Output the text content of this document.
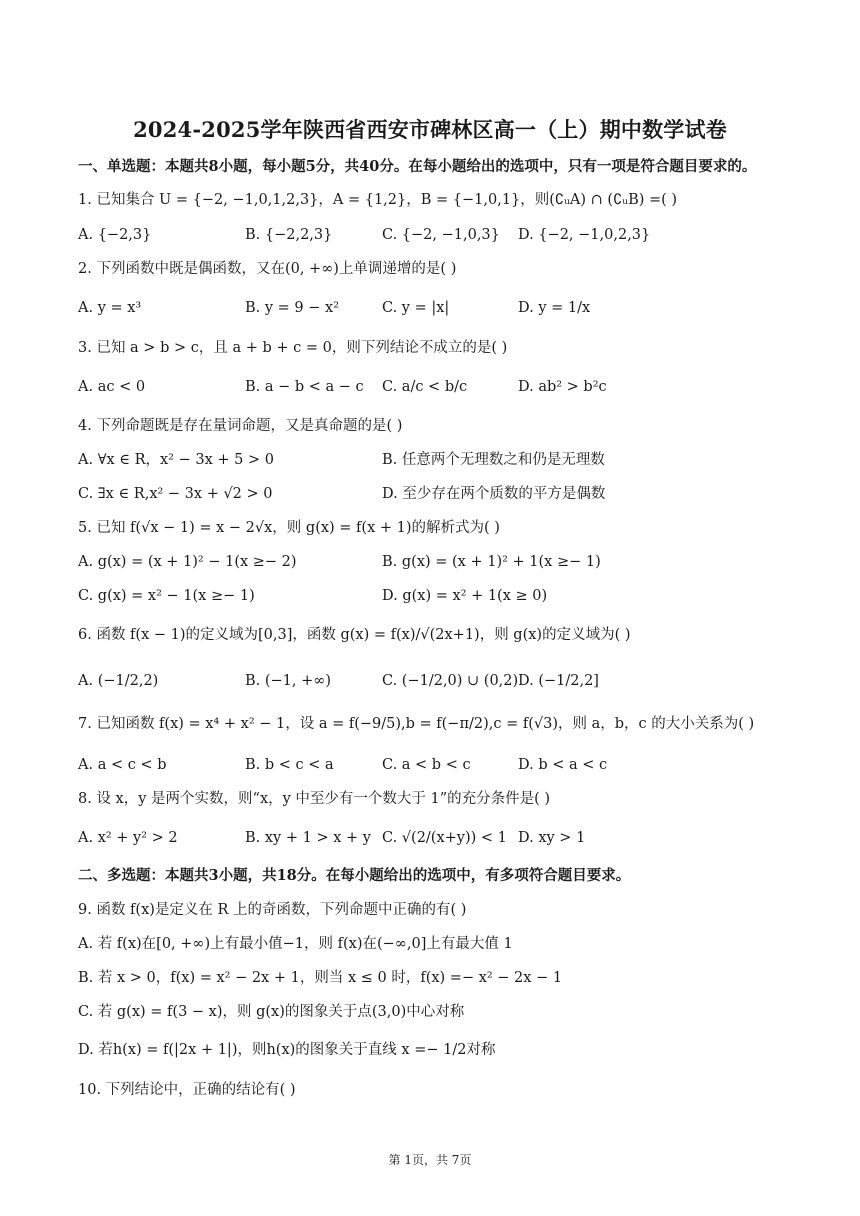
2024-2025学年陕西省西安市碑林区高一（上）期中数学试卷
一、单选题：本题共8小题，每小题5分，共40分。在每小题给出的选项中，只有一项是符合题目要求的。
1. 已知集合 U = {−2, −1,0,1,2,3}，A = {1,2}，B = {−1,0,1}，则(∁ᵤA) ∩ (∁ᵤB) =( )
A. {−2,3}	B. {−2,2,3}	C. {−2, −1,0,3} D. {−2, −1,0,2,3}
2. 下列函数中既是偶函数，又在(0, +∞)上单调递增的是( )
A. y = x³	B. y = 9 − x²	C. y = |x|	D. y = 1/x
3. 已知 a > b > c，且 a + b + c = 0，则下列结论不成立的是( )
A. ac < 0	B. a − b < a − c C. a/c < b/c	D. ab² > b²c
4. 下列命题既是存在量词命题，又是真命题的是( )
A. ∀x ∈ R，x² − 3x + 5 > 0	B. 任意两个无理数之和仍是无理数
C. ∃x ∈ R,x² − 3x + √2 > 0	D. 至少存在两个质数的平方是偶数
5. 已知 f(√x − 1) = x − 2√x，则 g(x) = f(x + 1)的解析式为( )
A. g(x) = (x + 1)² − 1(x ≥− 2)	B. g(x) = (x + 1)² + 1(x ≥− 1)
C. g(x) = x² − 1(x ≥− 1)	D. g(x) = x² + 1(x ≥ 0)
6. 函数 f(x − 1)的定义域为[0,3]，函数 g(x) = f(x)/√(2x+1)，则 g(x)的定义域为( )
A. (−1/2,2)	B. (−1, +∞)	C. (−1/2,0) ∪ (0,2) D. (−1/2,2]
7. 已知函数 f(x) = x⁴ + x² − 1，设 a = f(−9/5),b = f(−π/2),c = f(√3)，则 a，b，c 的大小关系为( )
A. a < c < b	B. b < c < a	C. a < b < c	D. b < a < c
8. 设 x，y 是两个实数，则“x，y 中至少有一个数大于 1”的充分条件是( )
A. x² + y² > 2	B. xy + 1 > x + y C. √(2/(x+y)) < 1 D. xy > 1
二、多选题：本题共3小题，共18分。在每小题给出的选项中，有多项符合题目要求。
9. 函数 f(x)是定义在 R 上的奇函数，下列命题中正确的有( )
A. 若 f(x)在[0, +∞)上有最小值−1，则 f(x)在(−∞,0]上有最大值 1
B. 若 x > 0，f(x) = x² − 2x + 1，则当 x ≤ 0 时，f(x) =− x² − 2x − 1
C. 若 g(x) = f(3 − x)，则 g(x)的图象关于点(3,0)中心对称
D. 若h(x) = f(|2x + 1|)，则h(x)的图象关于直线 x =− 1/2对称
10. 下列结论中，正确的结论有( )
第 1页，共 7页
